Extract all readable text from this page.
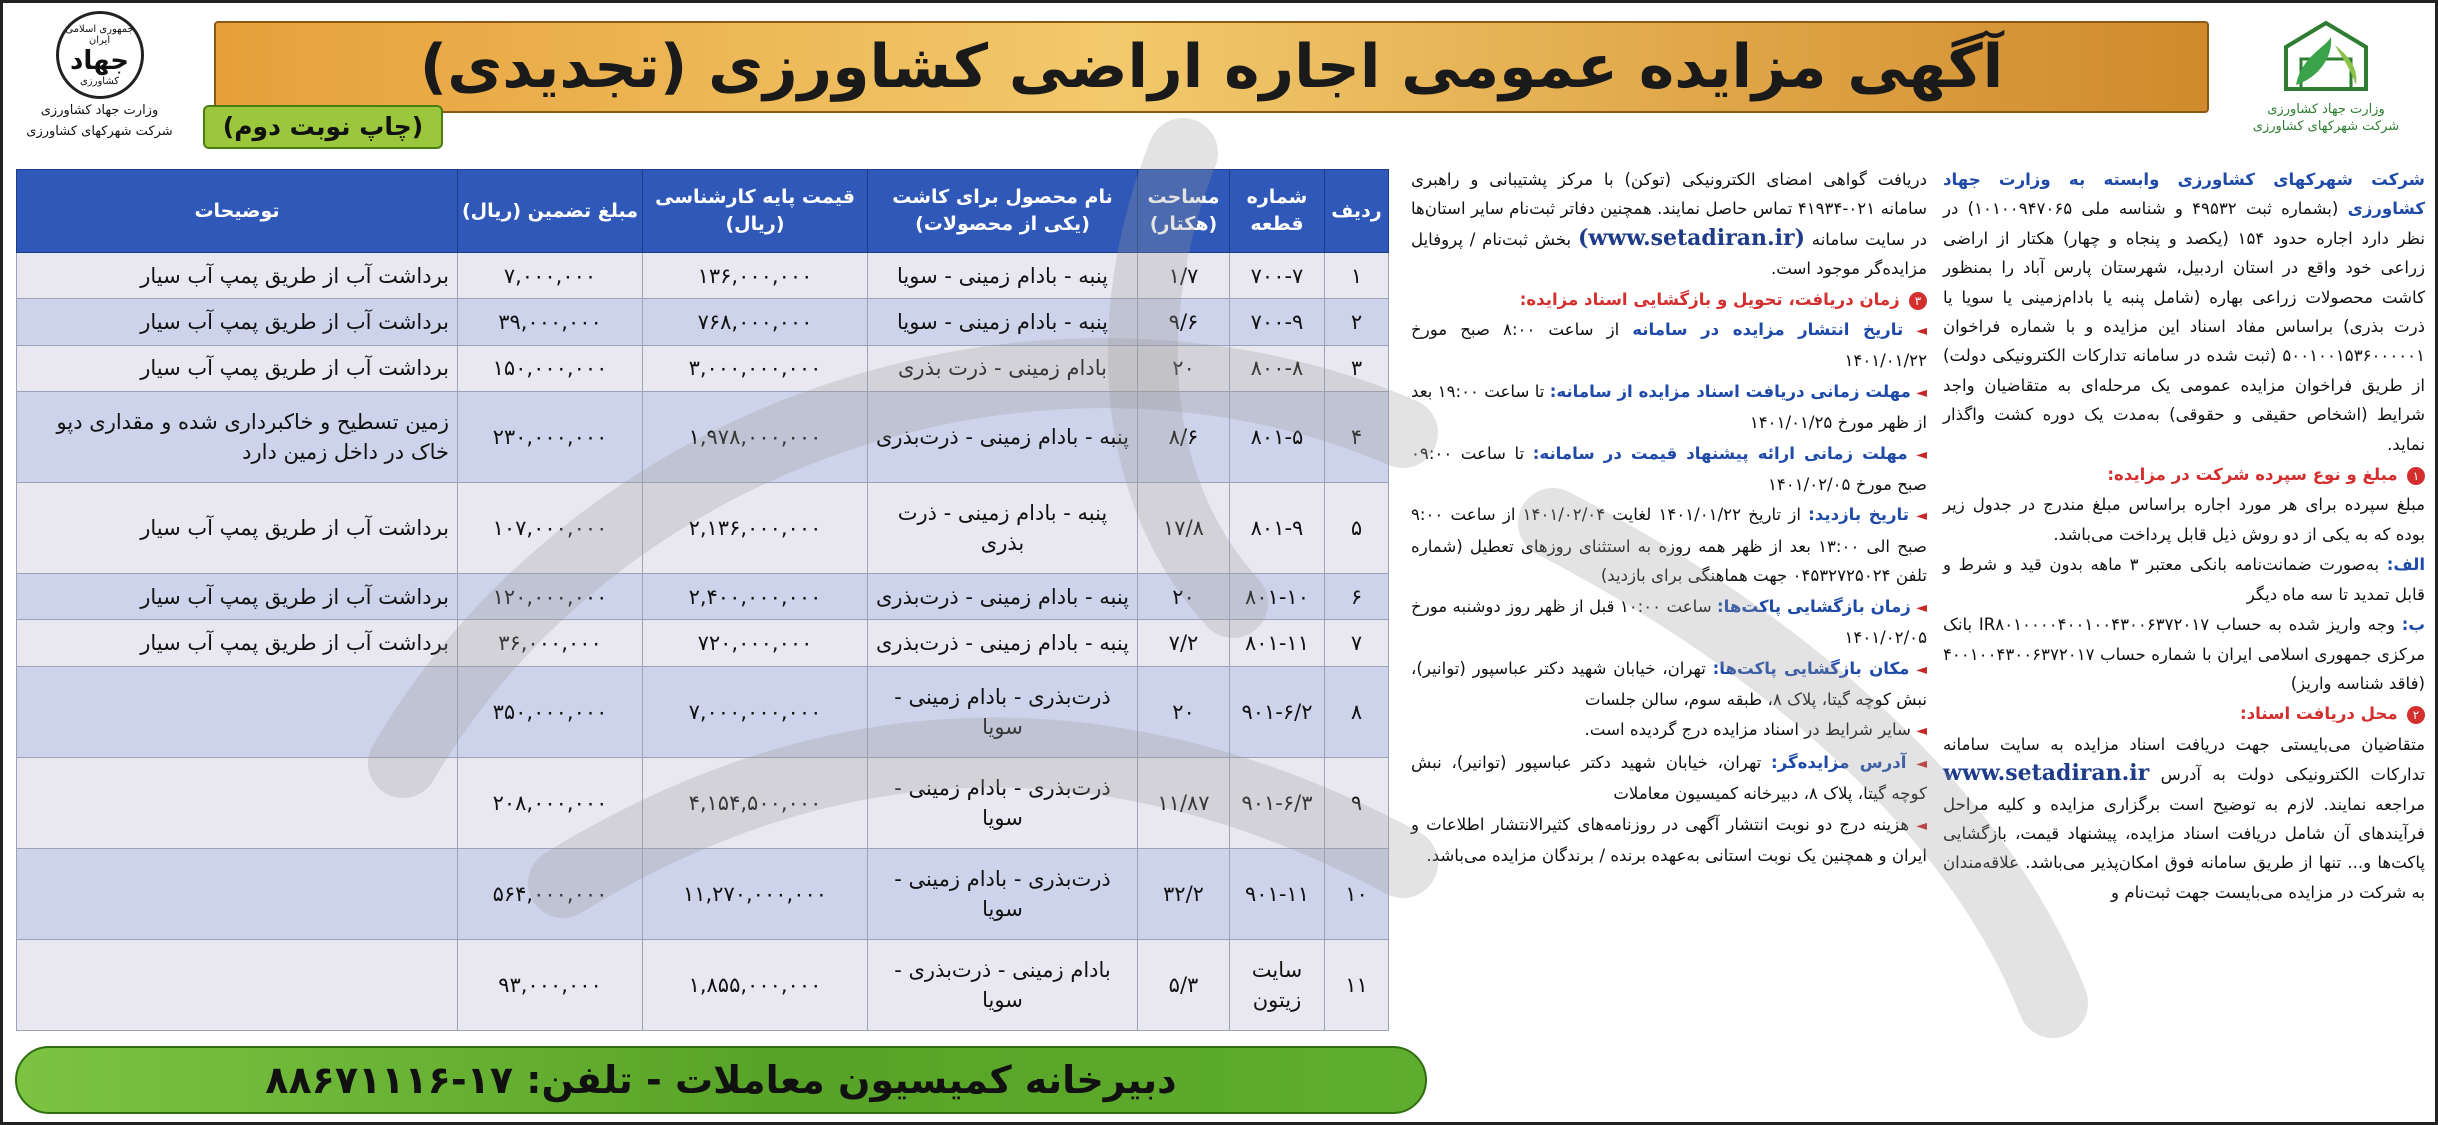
وزارت جهاد کشاورزی
شرکت شهرکهای کشاورزی
آگهی مزایده عمومی اجاره اراضی کشاورزی (تجدیدی)
(چاپ نوبت دوم)
جمهوری اسلامی ایران
جهاد
کشاورزی
وزارت جهاد کشاورزی
شرکت شهرکهای کشاورزی

شرکت شهرکهای کشاورزی وابسته به وزارت جهاد کشاورزی (بشماره ثبت ۴۹۵۳۲ و شناسه ملی ۱۰۱۰۰۹۴۷۰۶۵) در نظر دارد اجاره حدود ۱۵۴ (یکصد و پنجاه و چهار) هکتار از اراضی زراعی خود واقع در استان اردبیل، شهرستان پارس آباد را بمنظور کاشت محصولات زراعی بهاره (شامل پنبه یا بادام‌زمینی یا سویا یا ذرت بذری) براساس مفاد اسناد این مزایده و با شماره فراخوان ۵۰۰۱۰۰۱۵۳۶۰۰۰۰۰۱ (ثبت شده در سامانه تدارکات الکترونیکی دولت) از طریق فراخوان مزایده عمومی یک مرحله‌ای به متقاضیان واجد شرایط (اشخاص حقیقی و حقوقی) به‌مدت یک دوره کشت واگذار نماید.

۱ مبلغ و نوع سپرده شرکت در مزایده:

مبلغ سپرده برای هر مورد اجاره براساس مبلغ مندرج در جدول زیر بوده که به یکی از دو روش ذیل قابل پرداخت می‌باشد.

الف: به‌صورت ضمانت‌نامه بانکی معتبر ۳ ماهه بدون قید و شرط و قابل تمدید تا سه ماه دیگر

ب: وجه واریز شده به حساب IR۸۰۱۰۰۰۰۴۰۰۱۰۰۴۳۰۰۶۳۷۲۰۱۷ بانک مرکزی جمهوری اسلامی ایران با شماره حساب ۴۰۰۱۰۰۴۳۰۰۶۳۷۲۰۱۷ (فاقد شناسه واریز)

۲ محل دریافت اسناد:

متقاضیان می‌بایستی جهت دریافت اسناد مزایده به سایت سامانه تدارکات الکترونیکی دولت به آدرس www.setadiran.ir مراجعه نمایند. لازم به توضیح است برگزاری مزایده و کلیه مراحل فرآیندهای آن شامل دریافت اسناد مزایده، پیشنهاد قیمت، بازگشایی پاکت‌ها و... تنها از طریق سامانه فوق امکان‌پذیر می‌باشد. علاقه‌مندان به شرکت در مزایده می‌بایست جهت ثبت‌نام و

دریافت گواهی امضای الکترونیکی (توکن) با مرکز پشتیبانی و راهبری سامانه ۰۲۱-۴۱۹۳۴ تماس حاصل نمایند. همچنین دفاتر ثبت‌نام سایر استان‌ها در سایت سامانه (www.setadiran.ir) بخش ثبت‌نام / پروفایل مزایده‌گر موجود است.

۳ زمان دریافت، تحویل و بازگشایی اسناد مزایده:

◄ تاریخ انتشار مزایده در سامانه از ساعت ۸:۰۰ صبح مورخ ۱۴۰۱/۰۱/۲۲

◄ مهلت زمانی دریافت اسناد مزایده از سامانه: تا ساعت ۱۹:۰۰ بعد از ظهر مورخ ۱۴۰۱/۰۱/۲۵

◄ مهلت زمانی ارائه پیشنهاد قیمت در سامانه: تا ساعت ۰۹:۰۰ صبح مورخ ۱۴۰۱/۰۲/۰۵

◄ تاریخ بازدید: از تاریخ ۱۴۰۱/۰۱/۲۲ لغایت ۱۴۰۱/۰۲/۰۴ از ساعت ۹:۰۰ صبح الی ۱۳:۰۰ بعد از ظهر همه روزه به استثنای روزهای تعطیل (شماره تلفن ۰۴۵۳۲۷۲۵۰۲۴ جهت هماهنگی برای بازدید)

◄ زمان بازگشایی پاکت‌ها: ساعت ۱۰:۰۰ قبل از ظهر روز دوشنبه مورخ ۱۴۰۱/۰۲/۰۵

◄ مکان بازگشایی پاکت‌ها: تهران، خیابان شهید دکتر عباسپور (توانیر)، نبش کوچه گیتا، پلاک ۸، طبقه سوم، سالن جلسات

◄ سایر شرایط در اسناد مزایده درج گردیده است.

◄ آدرس مزایده‌گر: تهران، خیابان شهید دکتر عباسپور (توانیر)، نبش کوچه گیتا، پلاک ۸، دبیرخانه کمیسیون معاملات

◄ هزینه درج دو نوبت انتشار آگهی در روزنامه‌های کثیرالانتشار اطلاعات و ایران و همچنین یک نوبت استانی به‌عهده برنده / برندگان مزایده می‌باشد.

ردیف	شماره قطعه	مساحت (هکتار)	نام محصول برای کاشت (یکی از محصولات)	قیمت پایه کارشناسی (ریال)	مبلغ تضمین (ریال)	توضیحات
۱	۷۰۰-۷	۱/۷	پنبه - بادام زمینی - سویا	۱۳۶,۰۰۰,۰۰۰	۷,۰۰۰,۰۰۰	برداشت آب از طریق پمپ آب سیار
۲	۷۰۰-۹	۹/۶	پنبه - بادام زمینی - سویا	۷۶۸,۰۰۰,۰۰۰	۳۹,۰۰۰,۰۰۰	برداشت آب از طریق پمپ آب سیار
۳	۸۰۰-۸	۲۰	بادام زمینی - ذرت بذری	۳,۰۰۰,۰۰۰,۰۰۰	۱۵۰,۰۰۰,۰۰۰	برداشت آب از طریق پمپ آب سیار
۴	۸۰۱-۵	۸/۶	پنبه - بادام زمینی - ذرت‌بذری	۱,۹۷۸,۰۰۰,۰۰۰	۲۳۰,۰۰۰,۰۰۰	زمین تسطیح و خاکبرداری شده و مقداری دپو خاک در داخل زمین دارد
۵	۸۰۱-۹	۱۷/۸	پنبه - بادام زمینی - ذرت بذری	۲,۱۳۶,۰۰۰,۰۰۰	۱۰۷,۰۰۰,۰۰۰	برداشت آب از طریق پمپ آب سیار
۶	۸۰۱-۱۰	۲۰	پنبه - بادام زمینی - ذرت‌بذری	۲,۴۰۰,۰۰۰,۰۰۰	۱۲۰,۰۰۰,۰۰۰	برداشت آب از طریق پمپ آب سیار
۷	۸۰۱-۱۱	۷/۲	پنبه - بادام زمینی - ذرت‌بذری	۷۲۰,۰۰۰,۰۰۰	۳۶,۰۰۰,۰۰۰	برداشت آب از طریق پمپ آب سیار
۸	۹۰۱-۶/۲	۲۰	ذرت‌بذری - بادام زمینی - سویا	۷,۰۰۰,۰۰۰,۰۰۰	۳۵۰,۰۰۰,۰۰۰	
۹	۹۰۱-۶/۳	۱۱/۸۷	ذرت‌بذری - بادام زمینی - سویا	۴,۱۵۴,۵۰۰,۰۰۰	۲۰۸,۰۰۰,۰۰۰	
۱۰	۹۰۱-۱۱	۳۲/۲	ذرت‌بذری - بادام زمینی - سویا	۱۱,۲۷۰,۰۰۰,۰۰۰	۵۶۴,۰۰۰,۰۰۰	
۱۱	سایت زیتون	۵/۳	بادام زمینی - ذرت‌بذری - سویا	۱,۸۵۵,۰۰۰,۰۰۰	۹۳,۰۰۰,۰۰۰	
دبیرخانه کمیسیون معاملات - تلفن: ۱۷-۸۸۶۷۱۱۱۶
